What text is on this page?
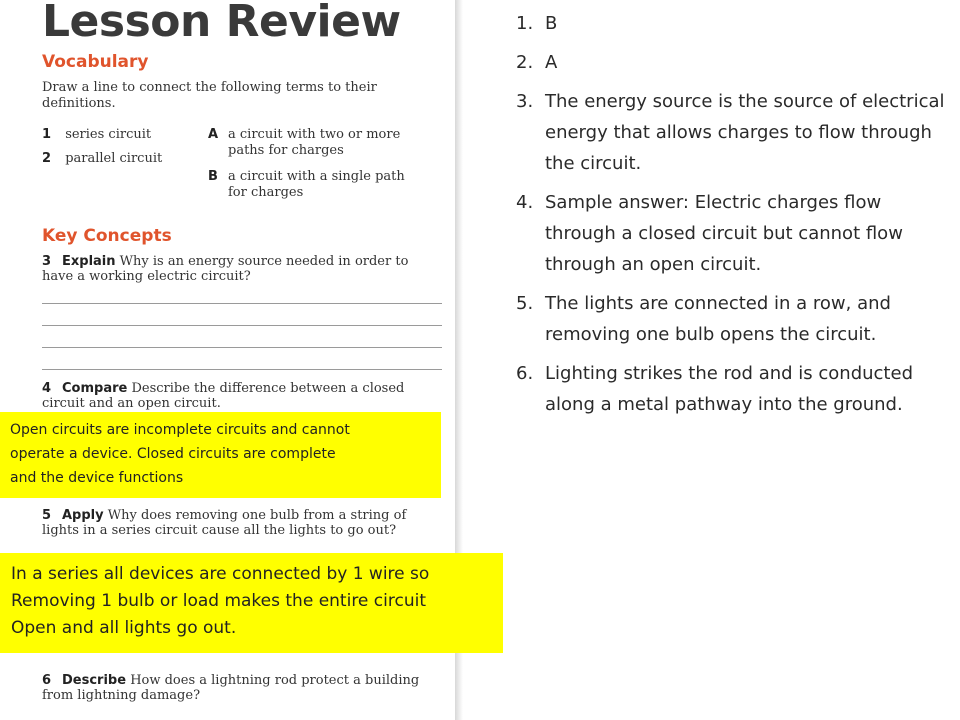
Lesson Review
Vocabulary
Draw a line to connect the following terms to their definitions.
1 series circuit
2 parallel circuit
A a circuit with two or more paths for charges
B a circuit with a single path for charges
Key Concepts
3 Explain Why is an energy source needed in order to have a working electric circuit?
4 Compare Describe the difference between a closed circuit and an open circuit.
5 Apply Why does removing one bulb from a string of lights in a series circuit cause all the lights to go out?
6 Describe How does a lightning rod protect a building from lightning damage?
Open circuits are incomplete circuits and cannot
operate a device. Closed circuits are complete
and the device functions
In a series all devices are connected by 1 wire so
Removing 1 bulb or load makes the entire circuit
Open and all lights go out.
1. B
2. A
3. The energy source is the source of electrical energy that allows charges to flow through the circuit.
4. Sample answer: Electric charges flow through a closed circuit but cannot flow through an open circuit.
5. The lights are connected in a row, and removing one bulb opens the circuit.
6. Lighting strikes the rod and is conducted along a metal pathway into the ground.
